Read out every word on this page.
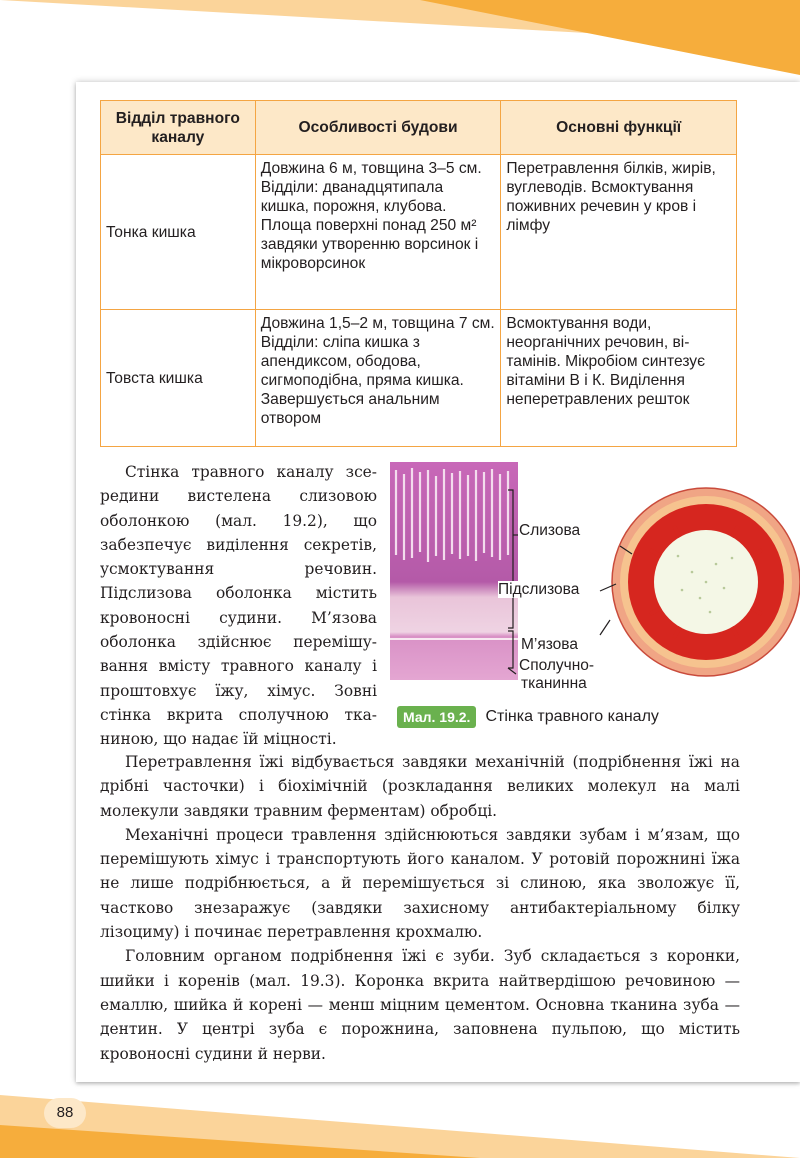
Відділ травного каналу	Особливості будови	Основні функції
Тонка кишка	Довжина 6 м, товщина 3–5 см. Відділи: дванадцятипала кишка, порожня, клубова. Площа поверхні понад 250 м² завдяки утворенню ворсинок і мікроворсинок	Перетравлення білків, жирів, вуглеводів. Всмоктування поживних речевин у кров і лімфу
Товста кишка	Довжина 1,5–2 м, товщина 7 см. Відділи: сліпа кишка з апендиксом, ободова, сигмоподібна, пряма кишка. Завершується анальним отвором	Всмоктування води, неорганічних речовин, вітамінів. Мікробіом синтезує вітаміни В і К. Виділення неперетравлених решток

Стінка травного каналу зсередини вистелена слизовою оболонкою (мал. 19.2), що забезпечує виділення секретів, усмоктування речовин. Підслизова оболонка містить кровоносні судини. М’язова оболонка здійснює перемішування вмісту травного каналу і проштовхує їжу, хімус. Зовні стінка вкрита сполучною тканиною, що надає їй міцності.

Слизова
Підслизова
М’язова
Сполучно-
тканинна
Мал. 19.2. Стінка травного каналу

Перетравлення їжі відбувається завдяки механічній (подрібнення їжі на дрібні часточки) і біохімічній (розкладання великих молекул на малі молекули завдяки травним ферментам) обробці.

Механічні процеси травлення здійснюються завдяки зубам і м’язам, що перемішують хімус і транспортують його каналом. У ротовій порожнині їжа не лише подрібнюється, а й перемішується зі слиною, яка зволожує її, частково знезаражує (завдяки захисному антибактеріальному білку лізоциму) і починає перетравлення крохмалю.

Головним органом подрібнення їжі є зуби. Зуб складається з коронки, шийки і коренів (мал. 19.3). Коронка вкрита найтвердішою речовиною — емаллю, шийка й корені — менш міцним цементом. Основна тканина зуба — дентин. У центрі зуба є порожнина, заповнена пульпою, що містить кровоносні судини й нерви.

88
